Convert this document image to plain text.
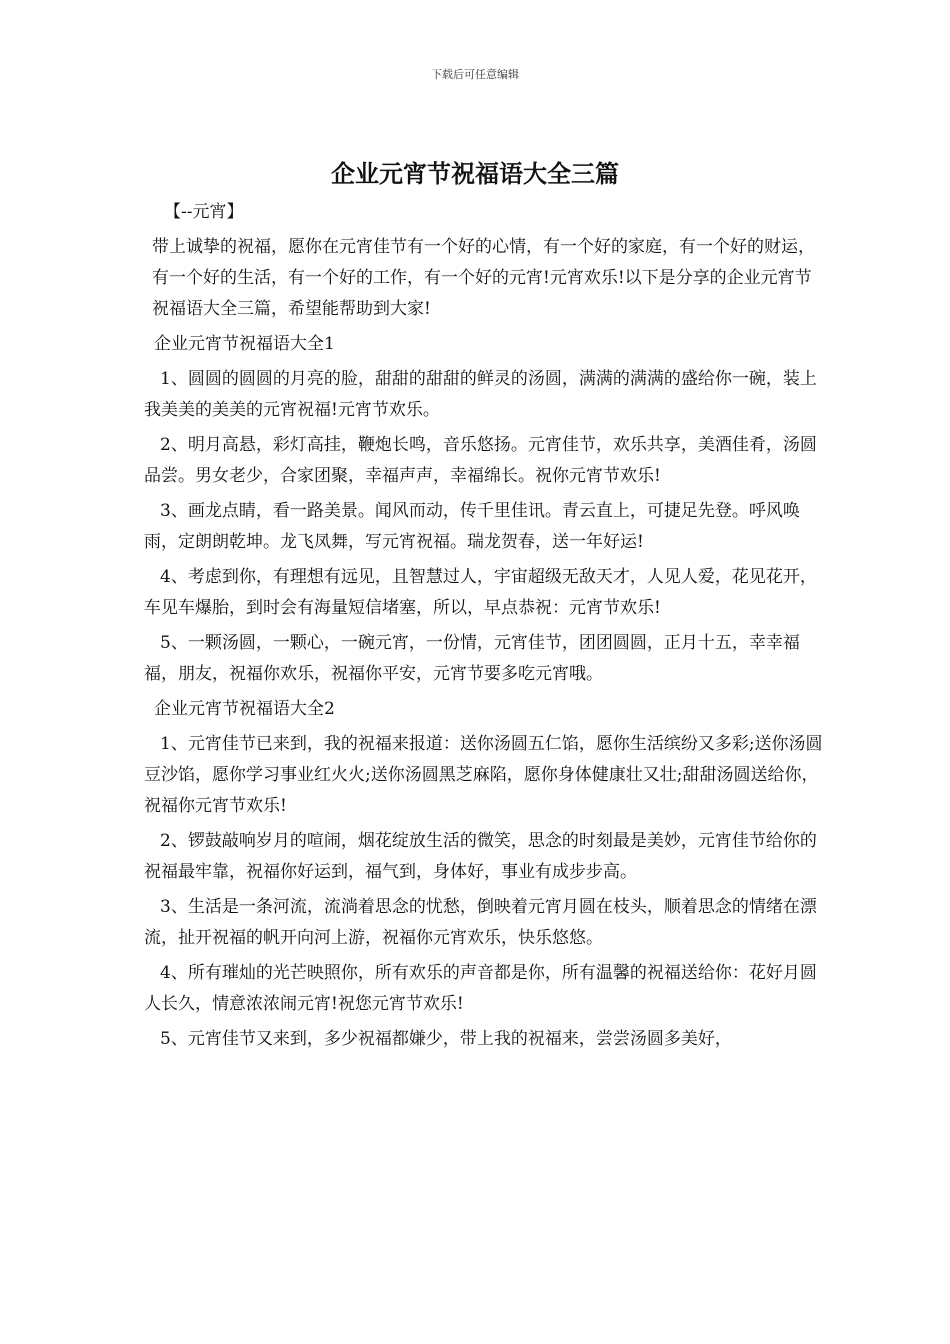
下载后可任意编辑
企业元宵节祝福语大全三篇

【--元宵】

带上诚挚的祝福，愿你在元宵佳节有一个好的心情，有一个好的家庭，有一个好的财运，有一个好的生活，有一个好的工作，有一个好的元宵!元宵欢乐!以下是分享的企业元宵节祝福语大全三篇，希望能帮助到大家!

企业元宵节祝福语大全1

1、圆圆的圆圆的月亮的脸，甜甜的甜甜的鲜灵的汤圆，满满的满满的盛给你一碗，装上我美美的美美的元宵祝福!元宵节欢乐。

2、明月高悬，彩灯高挂，鞭炮长鸣，音乐悠扬。元宵佳节，欢乐共享，美酒佳肴，汤圆品尝。男女老少，合家团聚，幸福声声，幸福绵长。祝你元宵节欢乐!

3、画龙点睛，看一路美景。闻风而动，传千里佳讯。青云直上，可捷足先登。呼风唤雨，定朗朗乾坤。龙飞凤舞，写元宵祝福。瑞龙贺春，送一年好运!

4、考虑到你，有理想有远见，且智慧过人，宇宙超级无敌天才，人见人爱，花见花开，车见车爆胎，到时会有海量短信堵塞，所以，早点恭祝：元宵节欢乐!

5、一颗汤圆，一颗心，一碗元宵，一份情，元宵佳节，团团圆圆，正月十五，幸幸福福，朋友，祝福你欢乐，祝福你平安，元宵节要多吃元宵哦。

企业元宵节祝福语大全2

1、元宵佳节已来到，我的祝福来报道：送你汤圆五仁馅，愿你生活缤纷又多彩;送你汤圆豆沙馅，愿你学习事业红火火;送你汤圆黑芝麻陷，愿你身体健康壮又壮;甜甜汤圆送给你，祝福你元宵节欢乐!

2、锣鼓敲响岁月的喧闹，烟花绽放生活的微笑，思念的时刻最是美妙，元宵佳节给你的祝福最牢靠，祝福你好运到，福气到，身体好，事业有成步步高。

3、生活是一条河流，流淌着思念的忧愁，倒映着元宵月圆在枝头，顺着思念的情绪在漂流，扯开祝福的帆开向河上游，祝福你元宵欢乐，快乐悠悠。

4、所有璀灿的光芒映照你，所有欢乐的声音都是你，所有温馨的祝福送给你：花好月圆人长久，情意浓浓闹元宵!祝您元宵节欢乐!

5、元宵佳节又来到，多少祝福都嫌少，带上我的祝福来，尝尝汤圆多美好，
